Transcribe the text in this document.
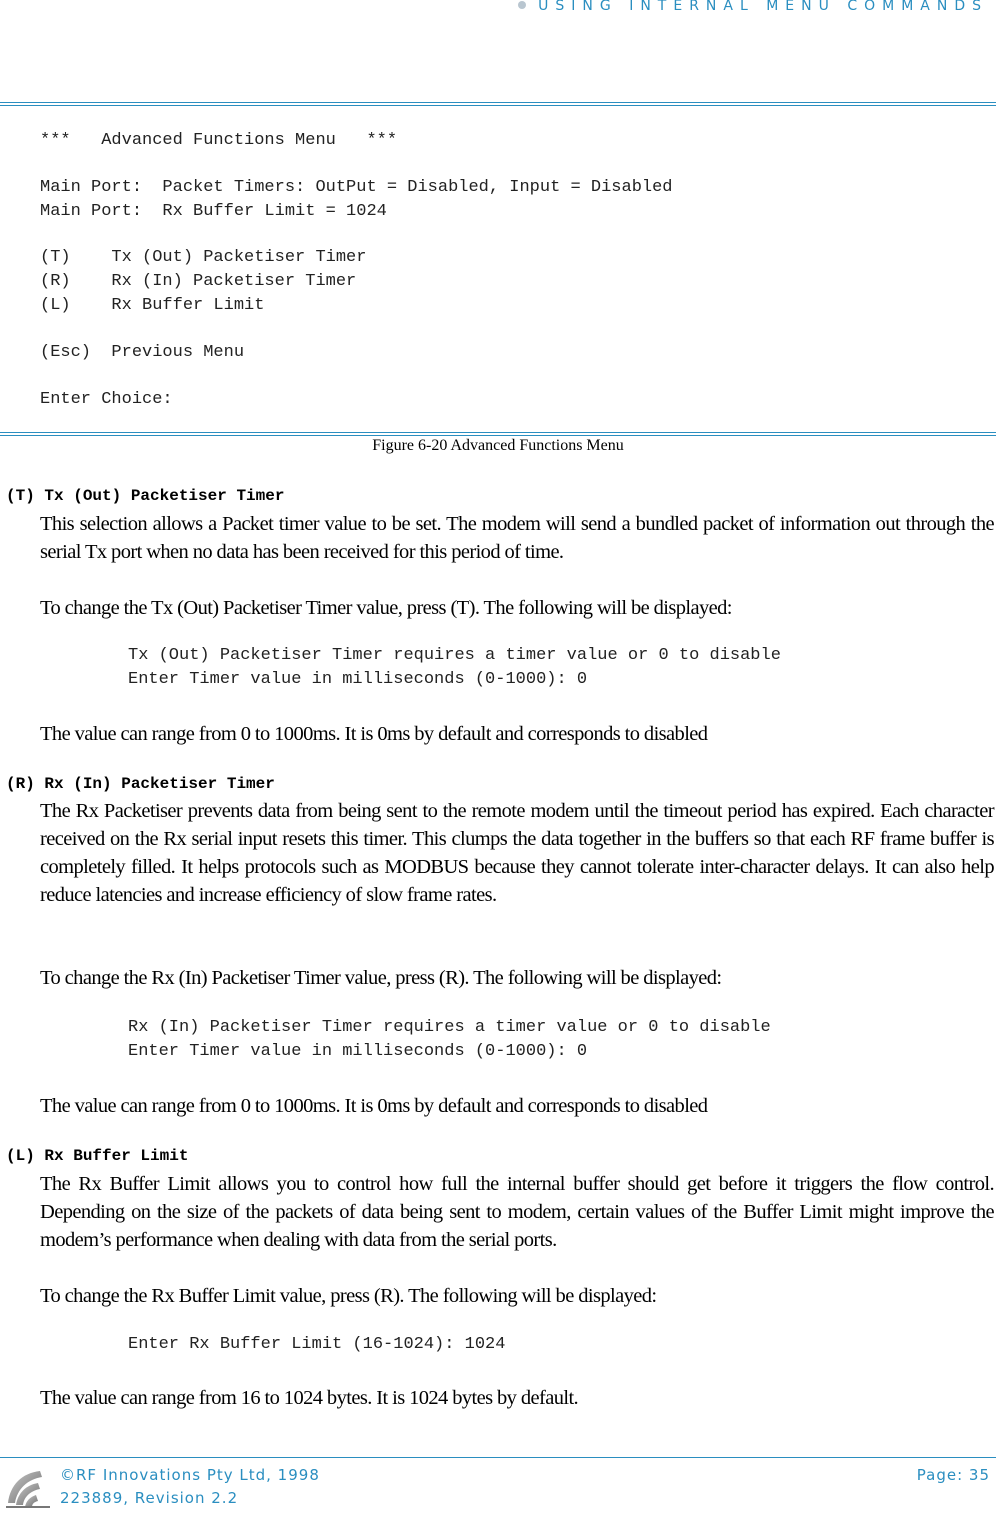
USING INTERNAL MENU COMMANDS
***   Advanced Functions Menu   ***
Main Port:  Packet Timers: OutPut = Disabled, Input = Disabled
Main Port:  Rx Buffer Limit = 1024
(T)    Tx (Out) Packetiser Timer
(R)    Rx (In) Packetiser Timer
(L)    Rx Buffer Limit
(Esc)  Previous Menu
Enter Choice:
Figure 6-20 Advanced Functions Menu
(T) Tx (Out) Packetiser Timer
This selection allows a Packet timer value to be set. The modem will send a bundled packet of information out through the serial Tx port when no data has been received for this period of time.
To change the Tx (Out) Packetiser Timer value, press (T). The following will be displayed:
Tx (Out) Packetiser Timer requires a timer value or 0 to disable
Enter Timer value in milliseconds (0-1000): 0
The value can range from 0 to 1000ms. It is 0ms by default and corresponds to disabled
(R) Rx (In) Packetiser Timer
The Rx Packetiser prevents data from being sent to the remote modem until the timeout period has expired. Each character received on the Rx serial input resets this timer. This clumps the data together in the buffers so that each RF frame buffer is completely filled. It helps protocols such as MODBUS because they cannot tolerate inter-character delays. It can also help reduce latencies and increase efficiency of slow frame rates.
To change the Rx (In) Packetiser Timer value, press (R). The following will be displayed:
Rx (In) Packetiser Timer requires a timer value or 0 to disable
Enter Timer value in milliseconds (0-1000): 0
The value can range from 0 to 1000ms. It is 0ms by default and corresponds to disabled
(L) Rx Buffer Limit
The Rx Buffer Limit allows you to control how full the internal buffer should get before it triggers the flow control. Depending on the size of the packets of data being sent to modem, certain values of the Buffer Limit might improve the modem’s performance when dealing with data from the serial ports.
To change the Rx Buffer Limit value, press (R). The following will be displayed:
Enter Rx Buffer Limit (16-1024): 1024
The value can range from 16 to 1024 bytes. It is 1024 bytes by default.
©RF Innovations Pty Ltd, 1998
223889, Revision 2.2
Page: 35
